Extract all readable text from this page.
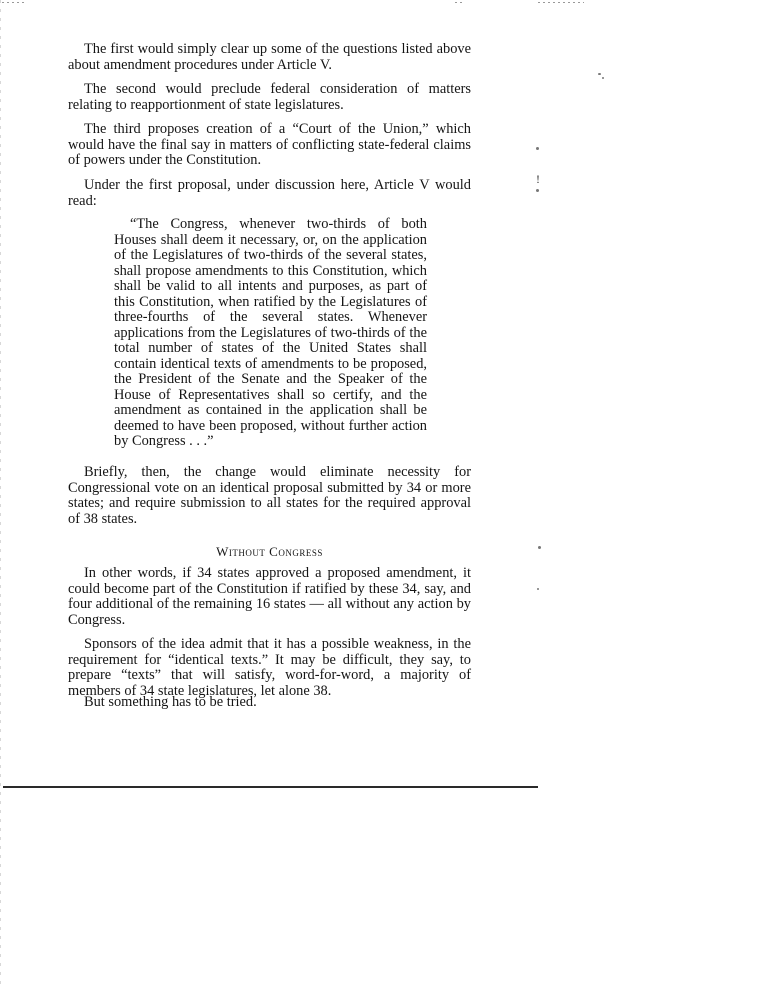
The first would simply clear up some of the questions listed above about amendment procedures under Article V.

The second would preclude federal consideration of matters relating to reapportionment of state legislatures.

The third proposes creation of a “Court of the Union,” which would have the final say in matters of conflicting state-federal claims of powers under the Constitution.

Under the first proposal, under discussion here, Article V would read:

“The Congress, whenever two-thirds of both Houses shall deem it necessary, or, on the application of the Legislatures of two-thirds of the several states, shall propose amendments to this Constitution, which shall be valid to all intents and purposes, as part of this Constitution, when ratified by the Legislatures of three-fourths of the several states. Whenever applications from the Legislatures of two-thirds of the total number of states of the United States shall contain identical texts of amendments to be proposed, the President of the Senate and the Speaker of the House of Representatives shall so certify, and the amendment as contained in the application shall be deemed to have been proposed, without further action by Congress . . .”

Briefly, then, the change would eliminate necessity for Congressional vote on an identical proposal submitted by 34 or more states; and require submission to all states for the required approval of 38 states.

Without Congress

In other words, if 34 states approved a proposed amendment, it could become part of the Constitution if ratified by these 34, say, and four additional of the remaining 16 states — all without any action by Congress.

Sponsors of the idea admit that it has a possible weakness, in the requirement for “identical texts.” It may be difficult, they say, to prepare “texts” that will satisfy, word-for-word, a majority of members of 34 state legislatures, let alone 38.

But something has to be tried.

!
